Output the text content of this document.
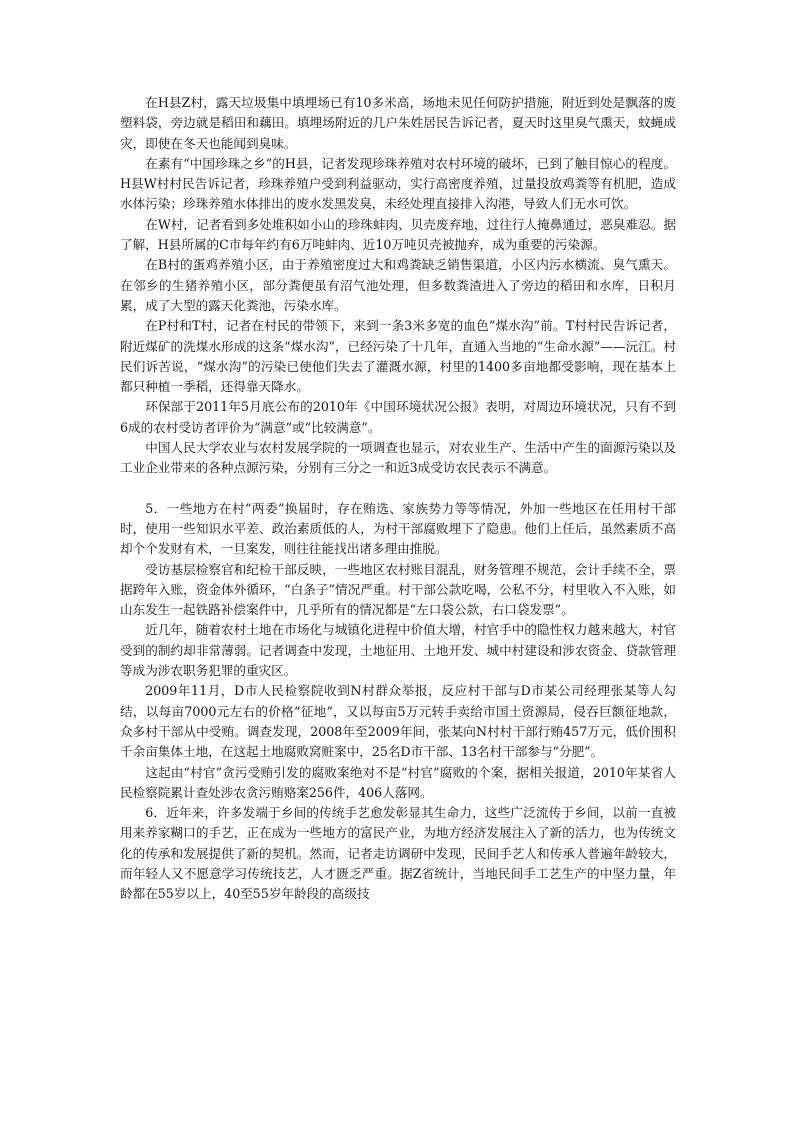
在H县Z村，露天垃圾集中填埋场已有10多米高，场地未见任何防护措施，附近到处是飘落的废塑料袋，旁边就是稻田和藕田。填埋场附近的几户朱姓居民告诉记者，夏天时这里臭气熏天，蚊蝇成灾，即使在冬天也能闻到臭味。

在素有“中国珍珠之乡”的H县，记者发现珍珠养殖对农村环境的破坏，已到了触目惊心的程度。H县W村村民告诉记者，珍珠养殖户受到利益驱动，实行高密度养殖，过量投放鸡粪等有机肥，造成水体污染；珍珠养殖水体排出的废水发黑发臭，未经处理直接排入沟港，导致人们无水可饮。

在W村，记者看到多处堆积如小山的珍珠蚌肉、贝壳废弃地，过往行人掩鼻通过，恶臭难忍。据了解，H县所属的C市每年约有6万吨蚌肉、近10万吨贝壳被抛弃，成为重要的污染源。

在B村的蛋鸡养殖小区，由于养殖密度过大和鸡粪缺乏销售渠道，小区内污水横流、臭气熏天。在邻乡的生猪养殖小区，部分粪便虽有沼气池处理，但多数粪渣进入了旁边的稻田和水库，日积月累，成了大型的露天化粪池，污染水库。

在P村和T村，记者在村民的带领下，来到一条3米多宽的血色“煤水沟”前。T村村民告诉记者，附近煤矿的洗煤水形成的这条“煤水沟”，已经污染了十几年，直通入当地的“生命水源”——沅江。村民们诉苦说，“煤水沟”的污染已使他们失去了灌溉水源，村里的1400多亩地都受影响，现在基本上都只种植一季稻，还得靠天降水。

环保部于2011年5月底公布的2010年《中国环境状况公报》表明，对周边环境状况，只有不到6成的农村受访者评价为“满意”或“比较满意”。

中国人民大学农业与农村发展学院的一项调查也显示，对农业生产、生活中产生的面源污染以及工业企业带来的各种点源污染，分别有三分之一和近3成受访农民表示不满意。

5．一些地方在村“两委”换届时，存在贿选、家族势力等等情况，外加一些地区在任用村干部时，使用一些知识水平差、政治素质低的人，为村干部腐败埋下了隐患。他们上任后，虽然素质不高却个个发财有术，一旦案发，则往往能找出诸多理由推脱。

受访基层检察官和纪检干部反映，一些地区农村账目混乱，财务管理不规范，会计手续不全，票据跨年入账，资金体外循环，“白条子”情况严重。村干部公款吃喝，公私不分，村里收入不入账，如山东发生一起铁路补偿案件中，几乎所有的情况都是“左口袋公款，右口袋发票”。

近几年，随着农村土地在市场化与城镇化进程中价值大增，村官手中的隐性权力越来越大，村官受到的制约却非常薄弱。记者调查中发现，土地征用、土地开发、城中村建设和涉农资金、贷款管理等成为涉农职务犯罪的重灾区。

2009年11月，D市人民检察院收到N村群众举报，反应村干部与D市某公司经理张某等人勾结，以每亩7000元左右的价格“征地”，又以每亩5万元转手卖给市国土资源局，侵吞巨额征地款，众多村干部从中受贿。调查发现，2008年至2009年间，张某向N村村干部行贿457万元，低价围积千余亩集体土地，在这起土地腐败窝赃案中，25名D市干部、13名村干部参与“分肥”。

这起由“村官”贪污受贿引发的腐败案绝对不是“村官”腐败的个案，据相关报道，2010年某省人民检察院累计查处涉农贪污贿赂案256件，406人落网。

6．近年来，许多发端于乡间的传统手艺愈发彰显其生命力，这些广泛流传于乡间，以前一直被用来养家糊口的手艺，正在成为一些地方的富民产业，为地方经济发展注入了新的活力，也为传统文化的传承和发展提供了新的契机。然而，记者走访调研中发现，民间手艺人和传承人普遍年龄较大，而年轻人又不愿意学习传统技艺，人才匮乏严重。据Z省统计，当地民间手工艺生产的中坚力量，年龄都在55岁以上，40至55岁年龄段的高级技
